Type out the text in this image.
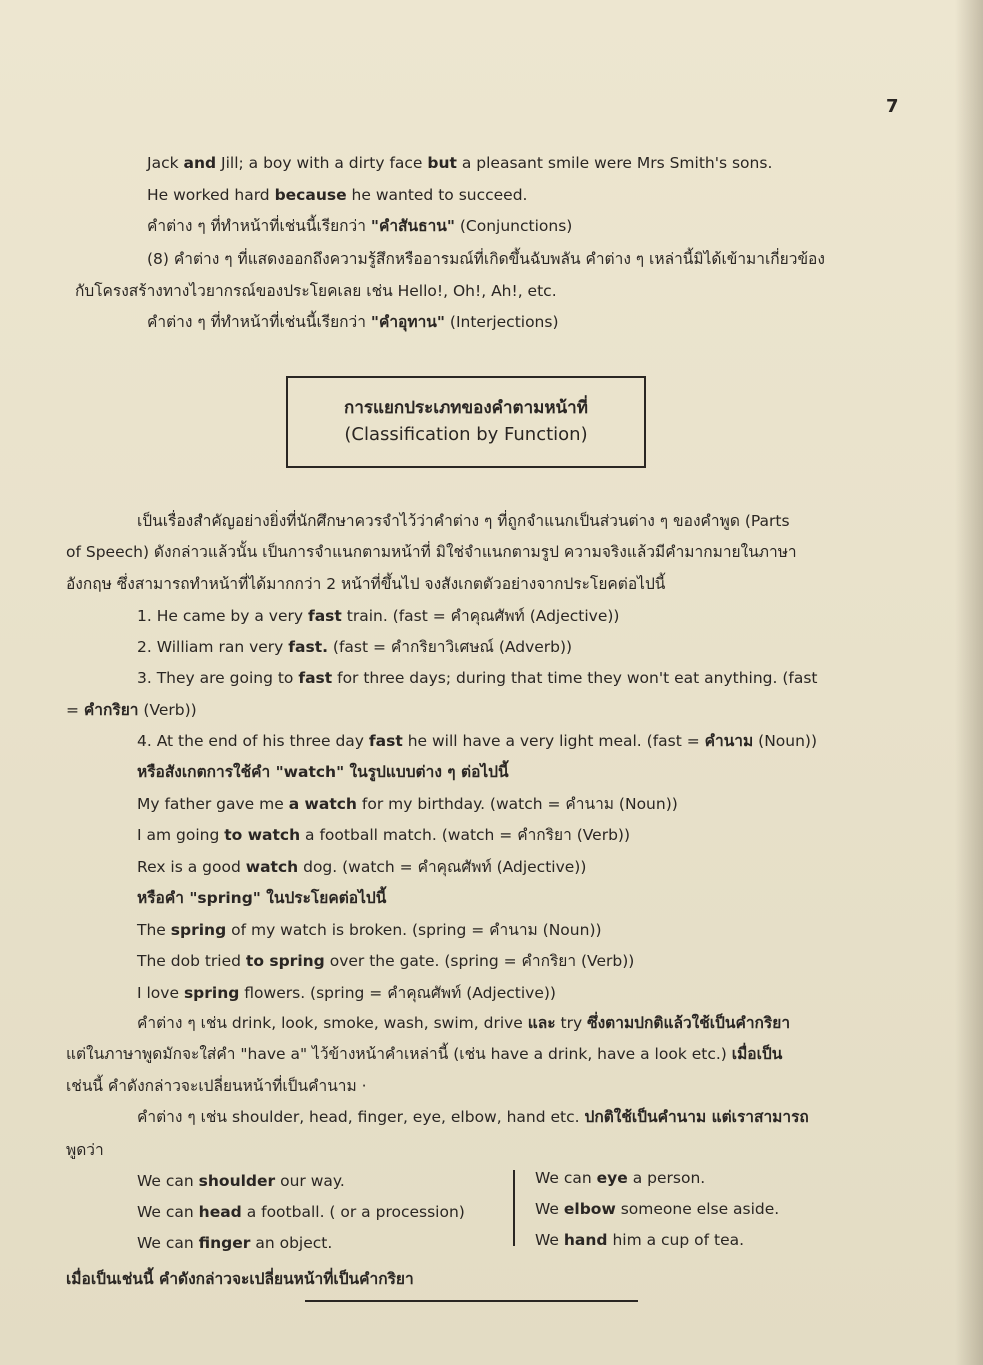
7
Jack and Jill; a boy with a dirty face but a pleasant smile were Mrs Smith's sons.
He worked hard because he wanted to succeed.
คำต่าง ๆ ที่ทำหน้าที่เช่นนี้เรียกว่า "คำสันธาน" (Conjunctions)
(8) คำต่าง ๆ ที่แสดงออกถึงความรู้สึกหรืออารมณ์ที่เกิดขึ้นฉับพลัน คำต่าง ๆ เหล่านี้มิได้เข้ามาเกี่ยวข้อง
กับโครงสร้างทางไวยากรณ์ของประโยคเลย เช่น Hello!, Oh!, Ah!, etc.
คำต่าง ๆ ที่ทำหน้าที่เช่นนี้เรียกว่า "คำอุทาน" (Interjections)
การแยกประเภทของคำตามหน้าที่
(Classification by Function)
เป็นเรื่องสำคัญอย่างยิ่งที่นักศึกษาควรจำไว้ว่าคำต่าง ๆ ที่ถูกจำแนกเป็นส่วนต่าง ๆ ของคำพูด (Parts
of Speech) ดังกล่าวแล้วนั้น เป็นการจำแนกตามหน้าที่ มิใช่จำแนกตามรูป ความจริงแล้วมีคำมากมายในภาษา
อังกฤษ ซึ่งสามารถทำหน้าที่ได้มากกว่า 2 หน้าที่ขึ้นไป จงสังเกตตัวอย่างจากประโยคต่อไปนี้
1. He came by a very fast train. (fast = คำคุณศัพท์ (Adjective))
2. William ran very fast. (fast = คำกริยาวิเศษณ์ (Adverb))
3. They are going to fast for three days; during that time they won't eat anything. (fast
= คำกริยา (Verb))
4. At the end of his three day fast he will have a very light meal. (fast = คำนาม (Noun))
หรือสังเกตการใช้คำ "watch" ในรูปแบบต่าง ๆ ต่อไปนี้
My father gave me a watch for my birthday. (watch = คำนาม (Noun))
I am going to watch a football match. (watch = คำกริยา (Verb))
Rex is a good watch dog. (watch = คำคุณศัพท์ (Adjective))
หรือคำ "spring" ในประโยคต่อไปนี้
The spring of my watch is broken. (spring = คำนาม (Noun))
The dob tried to spring over the gate. (spring = คำกริยา (Verb))
I love spring flowers. (spring = คำคุณศัพท์ (Adjective))
คำต่าง ๆ เช่น drink, look, smoke, wash, swim, drive และ try ซึ่งตามปกติแล้วใช้เป็นคำกริยา
แต่ในภาษาพูดมักจะใส่คำ "have a" ไว้ข้างหน้าคำเหล่านี้ (เช่น have a drink, have a look etc.) เมื่อเป็น
เช่นนี้ คำดังกล่าวจะเปลี่ยนหน้าที่เป็นคำนาม ·
คำต่าง ๆ เช่น shoulder, head, finger, eye, elbow, hand etc. ปกติใช้เป็นคำนาม แต่เราสามารถ
พูดว่า
We can shoulder our way.
We can head a football. ( or a procession)
We can finger an object.
We can eye a person.
We elbow someone else aside.
We hand him a cup of tea.
เมื่อเป็นเช่นนี้ คำดังกล่าวจะเปลี่ยนหน้าที่เป็นคำกริยา
